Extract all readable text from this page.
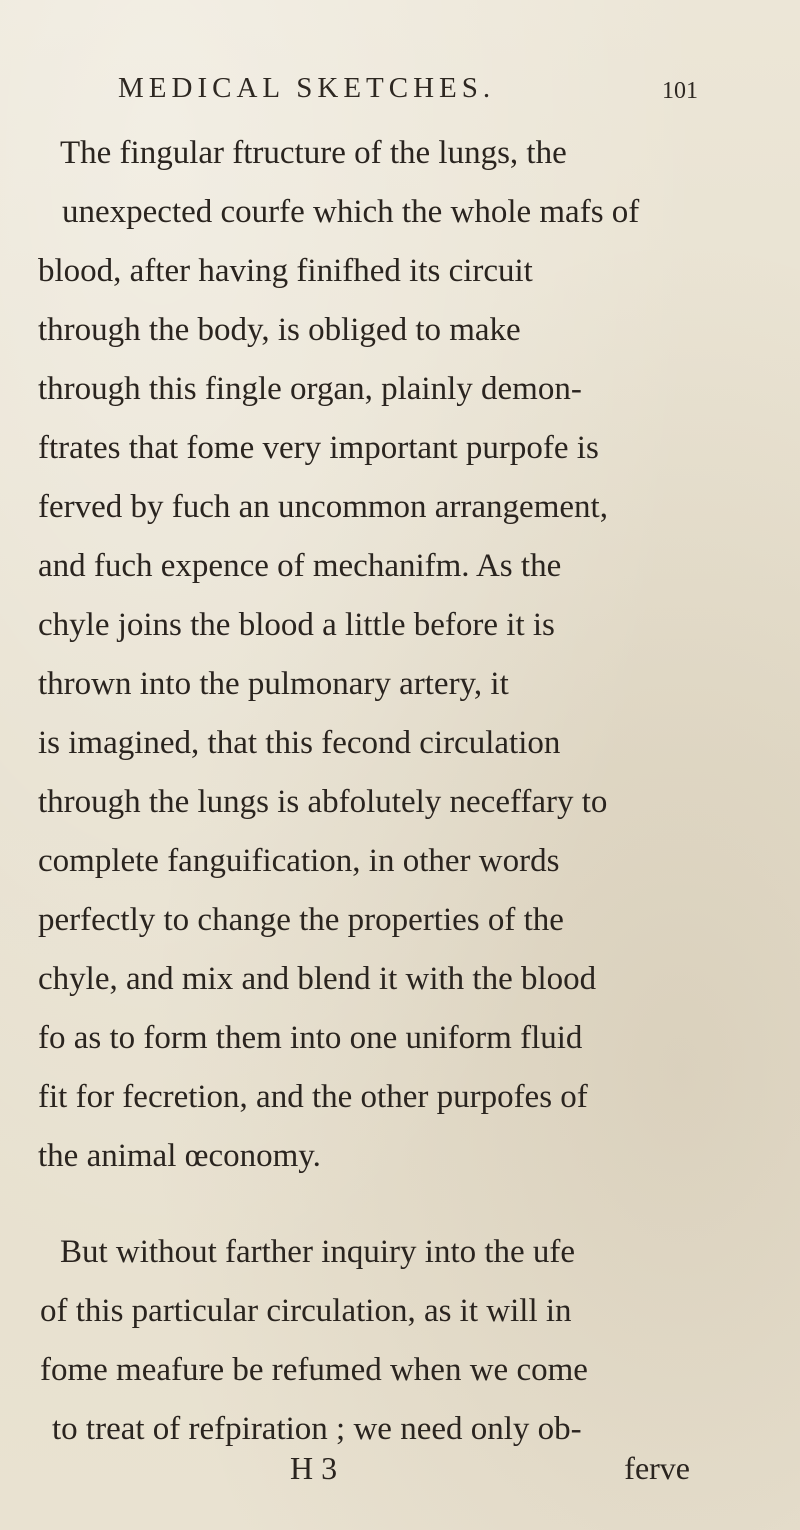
MEDICAL SKETCHES.	101
The fingular ftructure of the lungs, the
unexpected courfe which the whole mafs of
blood, after having finifhed its circuit
through the body, is obliged to make
through this fingle organ, plainly demon-
ftrates that fome very important purpofe is
ferved by fuch an uncommon arrangement,
and fuch expence of mechanifm. As the
chyle joins the blood a little before it is
thrown into the pulmonary artery, it
is imagined, that this fecond circulation
through the lungs is abfolutely neceffary to
complete fanguification, in other words
perfectly to change the properties of the
chyle, and mix and blend it with the blood
fo as to form them into one uniform fluid
fit for fecretion, and the other purpofes of
the animal œconomy.
But without farther inquiry into the ufe
of this particular circulation, as it will in
fome meafure be refumed when we come
to treat of refpiration ; we need only ob-
H 3	ferve
